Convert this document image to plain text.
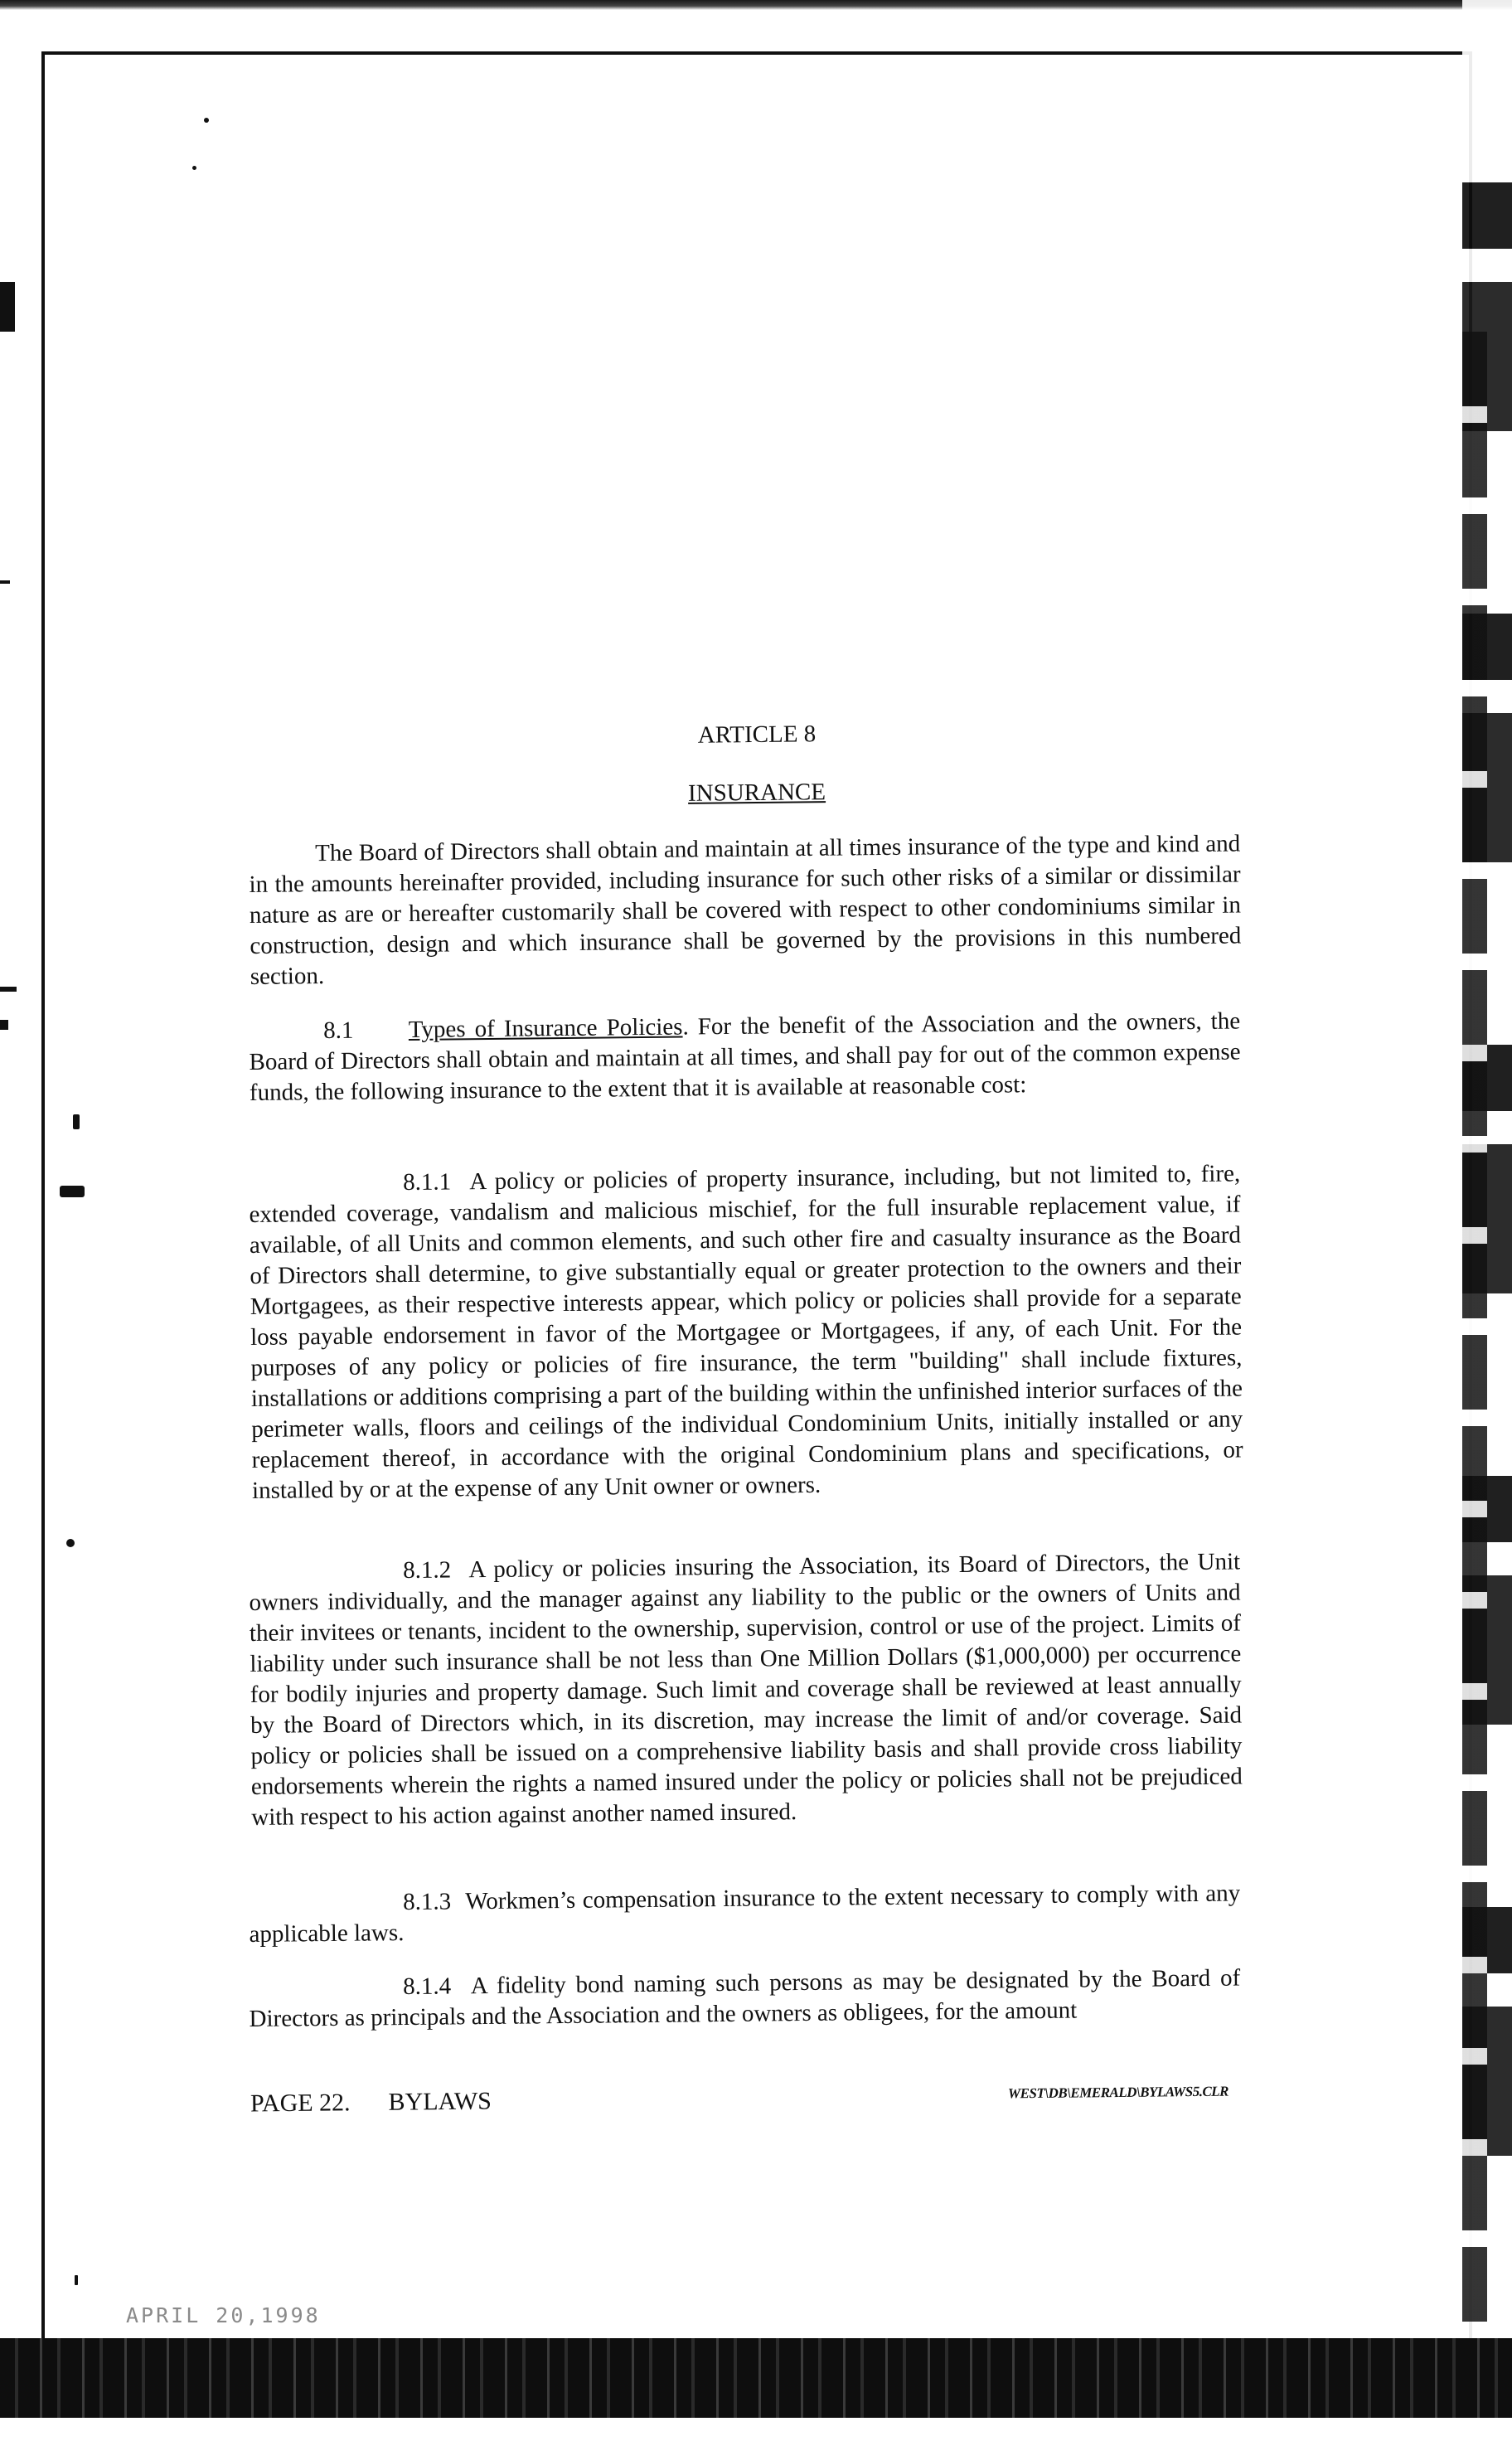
ARTICLE 8
INSURANCE

The Board of Directors shall obtain and maintain at all times insurance of the type and kind and in the amounts hereinafter provided, including insurance for such other risks of a similar or dissimilar nature as are or hereafter customarily shall be covered with respect to other condominiums similar in construction, design and which insurance shall be governed by the provisions in this numbered section.

8.1 Types of Insurance Policies. For the benefit of the Association and the owners, the Board of Directors shall obtain and maintain at all times, and shall pay for out of the common expense funds, the following insurance to the extent that it is available at reasonable cost:

8.1.1 A policy or policies of property insurance, including, but not limited to, fire, extended coverage, vandalism and malicious mischief, for the full insurable replacement value, if available, of all Units and common elements, and such other fire and casualty insurance as the Board of Directors shall determine, to give substantially equal or greater protection to the owners and their Mortgagees, as their respective interests appear, which policy or policies shall provide for a separate loss payable endorsement in favor of the Mortgagee or Mortgagees, if any, of each Unit. For the purposes of any policy or policies of fire insurance, the term "building" shall include fixtures, installations or additions comprising a part of the building within the unfinished interior surfaces of the perimeter walls, floors and ceilings of the individual Condominium Units, initially installed or any replacement thereof, in accordance with the original Condominium plans and specifications, or installed by or at the expense of any Unit owner or owners.

8.1.2 A policy or policies insuring the Association, its Board of Directors, the Unit owners individually, and the manager against any liability to the public or the owners of Units and their invitees or tenants, incident to the ownership, supervision, control or use of the project. Limits of liability under such insurance shall be not less than One Million Dollars ($1,000,000) per occurrence for bodily injuries and property damage. Such limit and coverage shall be reviewed at least annually by the Board of Directors which, in its discretion, may increase the limit of and/or coverage. Said policy or policies shall be issued on a comprehensive liability basis and shall provide cross liability endorsements wherein the rights a named insured under the policy or policies shall not be prejudiced with respect to his action against another named insured.

8.1.3 Workmen’s compensation insurance to the extent necessary to comply with any applicable laws.

8.1.4 A fidelity bond naming such persons as may be designated by the Board of Directors as principals and the Association and the owners as obligees, for the amount

PAGE 22. BYLAWS	WEST\DB\EMERALD\BYLAWS5.CLR
APRIL 20,1998
